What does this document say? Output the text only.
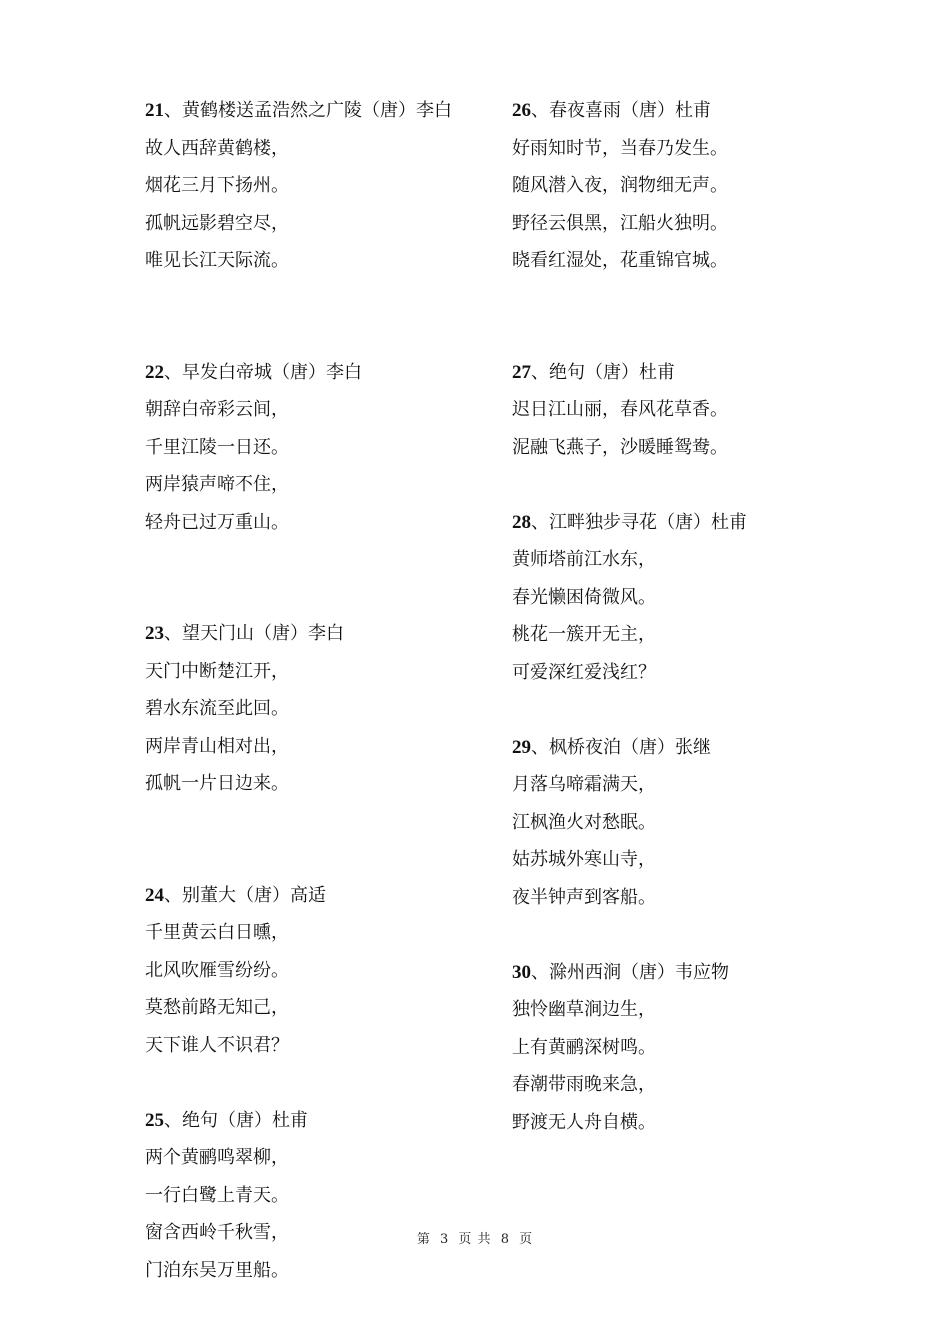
21、黄鹤楼送孟浩然之广陵（唐）李白
故人西辞黄鹤楼，
烟花三月下扬州。
孤帆远影碧空尽，
唯见长江天际流。
22、早发白帝城（唐）李白
朝辞白帝彩云间，
千里江陵一日还。
两岸猿声啼不住，
轻舟已过万重山。
23、望天门山（唐）李白
天门中断楚江开，
碧水东流至此回。
两岸青山相对出，
孤帆一片日边来。
24、别董大（唐）高适
千里黄云白日曛，
北风吹雁雪纷纷。
莫愁前路无知己，
天下谁人不识君？
25、绝句（唐）杜甫
两个黄鹂鸣翠柳，
一行白鹭上青天。
窗含西岭千秋雪，
门泊东吴万里船。
26、春夜喜雨（唐）杜甫
好雨知时节，当春乃发生。
随风潜入夜，润物细无声。
野径云俱黑，江船火独明。
晓看红湿处，花重锦官城。
27、绝句（唐）杜甫
迟日江山丽，春风花草香。
泥融飞燕子，沙暖睡鸳鸯。
28、江畔独步寻花（唐）杜甫
黄师塔前江水东，
春光懒困倚微风。
桃花一簇开无主，
可爱深红爱浅红？
29、枫桥夜泊（唐）张继
月落乌啼霜满天，
江枫渔火对愁眠。
姑苏城外寒山寺，
夜半钟声到客船。
30、滁州西涧（唐）韦应物
独怜幽草涧边生，
上有黄鹂深树鸣。
春潮带雨晚来急，
野渡无人舟自横。
第 3 页 共 8 页
